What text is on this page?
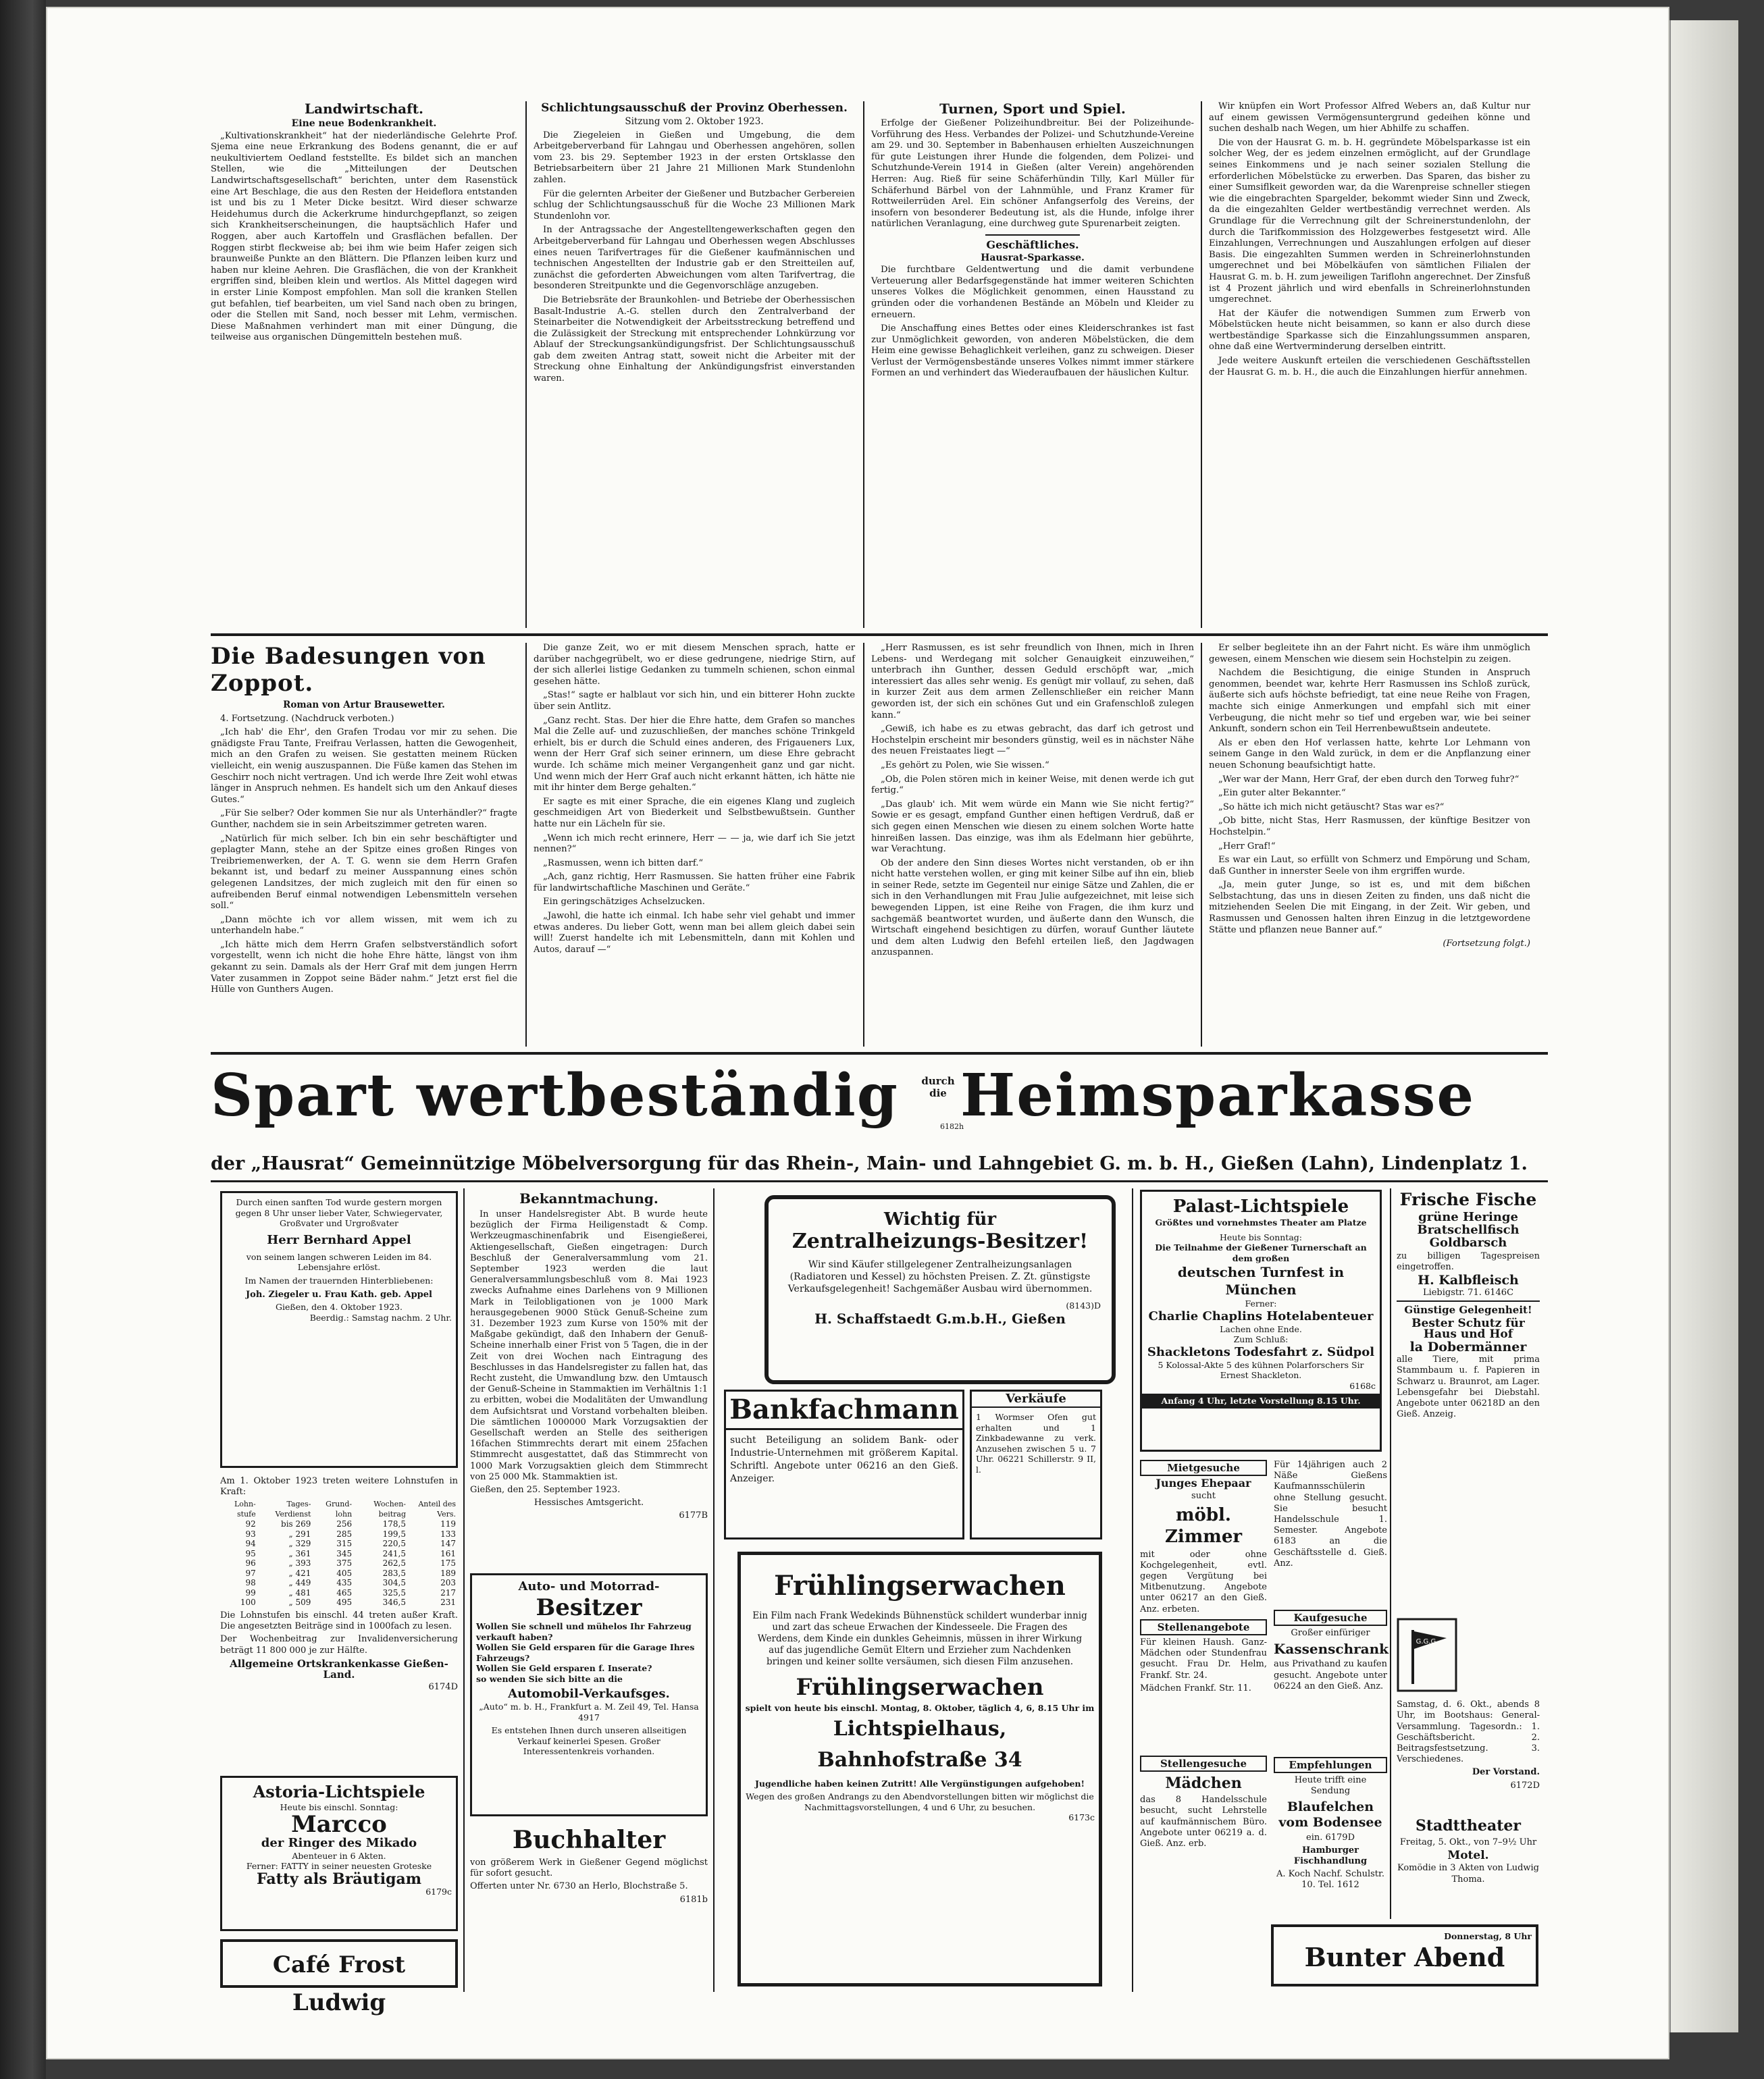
Landwirtschaft.

Eine neue Bodenkrankheit.

„Kultivationskrankheit“ hat der niederländische Gelehrte Prof. Sjema eine neue Erkrankung des Bodens genannt, die er auf neukultiviertem Oedland feststellte. Es bildet sich an manchen Stellen, wie die „Mitteilungen der Deutschen Landwirtschaftsgesellschaft“ berichten, unter dem Rasenstück eine Art Beschlage, die aus den Resten der Heideflora entstanden ist und bis zu 1 Meter Dicke besitzt. Wird dieser schwarze Heidehumus durch die Ackerkrume hindurchgepflanzt, so zeigen sich Krankheitserscheinungen, die hauptsächlich Hafer und Roggen, aber auch Kartoffeln und Grasflächen befallen. Der Roggen stirbt fleckweise ab; bei ihm wie beim Hafer zeigen sich braunweiße Punkte an den Blättern. Die Pflanzen leiben kurz und haben nur kleine Aehren. Die Grasflächen, die von der Krankheit ergriffen sind, bleiben klein und wertlos. Als Mittel dagegen wird in erster Linie Kompost empfohlen. Man soll die kranken Stellen gut befahlen, tief bearbeiten, um viel Sand nach oben zu bringen, oder die Stellen mit Sand, noch besser mit Lehm, vermischen. Diese Maßnahmen verhindert man mit einer Düngung, die teilweise aus organischen Düngemitteln bestehen muß.

Schlichtungsausschuß der Provinz Oberhessen.

Sitzung vom 2. Oktober 1923.

Die Ziegeleien in Gießen und Umgebung, die dem Arbeitgeberverband für Lahngau und Oberhessen angehören, sollen vom 23. bis 29. September 1923 in der ersten Ortsklasse den Betriebsarbeitern über 21 Jahre 21 Millionen Mark Stundenlohn zahlen.

Für die gelernten Arbeiter der Gießener und Butzbacher Gerbereien schlug der Schlichtungsausschuß für die Woche 23 Millionen Mark Stundenlohn vor.

In der Antragssache der Angestelltengewerkschaften gegen den Arbeitgeberverband für Lahngau und Oberhessen wegen Abschlusses eines neuen Tarifvertrages für die Gießener kaufmännischen und technischen Angestellten der Industrie gab er den Streitteilen auf, zunächst die geforderten Abweichungen vom alten Tarifvertrag, die besonderen Streitpunkte und die Gegenvorschläge anzugeben.

Die Betriebsräte der Braunkohlen- und Betriebe der Oberhessischen Basalt-Industrie A.-G. stellen durch den Zentralverband der Steinarbeiter die Notwendigkeit der Arbeitsstreckung betreffend und die Zulässigkeit der Streckung mit entsprechender Lohnkürzung vor Ablauf der Streckungsankündigungsfrist. Der Schlichtungsausschuß gab dem zweiten Antrag statt, soweit nicht die Arbeiter mit der Streckung ohne Einhaltung der Ankündigungsfrist einverstanden waren.

Turnen, Sport und Spiel.

Erfolge der Gießener Polizeihundbreitur. Bei der Polizeihunde-Vorführung des Hess. Verbandes der Polizei- und Schutzhunde-Vereine am 29. und 30. September in Babenhausen erhielten Auszeichnungen für gute Leistungen ihrer Hunde die folgenden, dem Polizei- und Schutzhunde-Verein 1914 in Gießen (alter Verein) angehörenden Herren: Aug. Rieß für seine Schäferhündin Tilly, Karl Müller für Schäferhund Bärbel von der Lahnmühle, und Franz Kramer für Rottweilerrüden Arel. Ein schöner Anfangserfolg des Vereins, der insofern von besonderer Bedeutung ist, als die Hunde, infolge ihrer natürlichen Veranlagung, eine durchweg gute Spurenarbeit zeigten.

Geschäftliches.

Hausrat-Sparkasse.

Die furchtbare Geldentwertung und die damit verbundene Verteuerung aller Bedarfsgegenstände hat immer weiteren Schichten unseres Volkes die Möglichkeit genommen, einen Hausstand zu gründen oder die vorhandenen Bestände an Möbeln und Kleider zu erneuern.

Die Anschaffung eines Bettes oder eines Kleiderschrankes ist fast zur Unmöglichkeit geworden, von anderen Möbelstücken, die dem Heim eine gewisse Behaglichkeit verleihen, ganz zu schweigen. Dieser Verlust der Vermögensbestände unseres Volkes nimmt immer stärkere Formen an und verhindert das Wiederaufbauen der häuslichen Kultur.

Wir knüpfen ein Wort Professor Alfred Webers an, daß Kultur nur auf einem gewissen Vermögensuntergrund gedeihen könne und suchen deshalb nach Wegen, um hier Abhilfe zu schaffen.

Die von der Hausrat G. m. b. H. gegründete Möbelsparkasse ist ein solcher Weg, der es jedem einzelnen ermöglicht, auf der Grundlage seines Einkommens und je nach seiner sozialen Stellung die erforderlichen Möbelstücke zu erwerben. Das Sparen, das bisher zu einer Sumsiflkeit geworden war, da die Warenpreise schneller stiegen wie die eingebrachten Spargelder, bekommt wieder Sinn und Zweck, da die eingezahlten Gelder wertbeständig verrechnet werden. Als Grundlage für die Verrechnung gilt der Schreinerstundenlohn, der durch die Tarifkommission des Holzgewerbes festgesetzt wird. Alle Einzahlungen, Verrechnungen und Auszahlungen erfolgen auf dieser Basis. Die eingezahlten Summen werden in Schreinerlohnstunden umgerechnet und bei Möbelkäufen von sämtlichen Filialen der Hausrat G. m. b. H. zum jeweiligen Tariflohn angerechnet. Der Zinsfuß ist 4 Prozent jährlich und wird ebenfalls in Schreinerlohnstunden umgerechnet.

Hat der Käufer die notwendigen Summen zum Erwerb von Möbelstücken heute nicht beisammen, so kann er also durch diese wertbeständige Sparkasse sich die Einzahlungssummen ansparen, ohne daß eine Wertverminderung derselben eintritt.

Jede weitere Auskunft erteilen die verschiedenen Geschäftsstellen der Hausrat G. m. b. H., die auch die Einzahlungen hierfür annehmen.

Die Badesungen von Zoppot.

Roman von Artur Brausewetter.

4. Fortsetzung. (Nachdruck verboten.)

„Ich hab' die Ehr', den Grafen Trodau vor mir zu sehen. Die gnädigste Frau Tante, Freifrau Verlassen, hatten die Gewogenheit, mich an den Grafen zu weisen. Sie gestatten meinem Rücken vielleicht, ein wenig auszuspannen. Die Füße kamen das Stehen im Geschirr noch nicht vertragen. Und ich werde Ihre Zeit wohl etwas länger in Anspruch nehmen. Es handelt sich um den Ankauf dieses Gutes.“

„Für Sie selber? Oder kommen Sie nur als Unterhändler?“ fragte Gunther, nachdem sie in sein Arbeitszimmer getreten waren.

„Natürlich für mich selber. Ich bin ein sehr beschäftigter und geplagter Mann, stehe an der Spitze eines großen Ringes von Treibriemenwerken, der A. T. G. wenn sie dem Herrn Grafen bekannt ist, und bedarf zu meiner Ausspannung eines schön gelegenen Landsitzes, der mich zugleich mit den für einen so aufreibenden Beruf einmal notwendigen Lebensmitteln versehen soll.“

„Dann möchte ich vor allem wissen, mit wem ich zu unterhandeln habe.“

„Ich hätte mich dem Herrn Grafen selbstverständlich sofort vorgestellt, wenn ich nicht die hohe Ehre hätte, längst von ihm gekannt zu sein. Damals als der Herr Graf mit dem jungen Herrn Vater zusammen in Zoppot seine Bäder nahm.“ Jetzt erst fiel die Hülle von Gunthers Augen.

Die ganze Zeit, wo er mit diesem Menschen sprach, hatte er darüber nachgegrübelt, wo er diese gedrungene, niedrige Stirn, auf der sich allerlei listige Gedanken zu tummeln schienen, schon einmal gesehen hätte.

„Stas!“ sagte er halblaut vor sich hin, und ein bitterer Hohn zuckte über sein Antlitz.

„Ganz recht. Stas. Der hier die Ehre hatte, dem Grafen so manches Mal die Zelle auf- und zuzuschließen, der manches schöne Trinkgeld erhielt, bis er durch die Schuld eines anderen, des Frigaueners Lux, wenn der Herr Graf sich seiner erinnern, um diese Ehre gebracht wurde. Ich schäme mich meiner Vergangenheit ganz und gar nicht. Und wenn mich der Herr Graf auch nicht erkannt hätten, ich hätte nie mit ihr hinter dem Berge gehalten.“

Er sagte es mit einer Sprache, die ein eigenes Klang und zugleich geschmeidigen Art von Biederkeit und Selbstbewußtsein. Gunther hatte nur ein Lächeln für sie.

„Wenn ich mich recht erinnere, Herr — — ja, wie darf ich Sie jetzt nennen?“

„Rasmussen, wenn ich bitten darf.“

„Ach, ganz richtig, Herr Rasmussen. Sie hatten früher eine Fabrik für landwirtschaftliche Maschinen und Geräte.“

Ein geringschätziges Achselzucken.

„Jawohl, die hatte ich einmal. Ich habe sehr viel gehabt und immer etwas anderes. Du lieber Gott, wenn man bei allem gleich dabei sein will! Zuerst handelte ich mit Lebensmitteln, dann mit Kohlen und Autos, darauf —“

„Herr Rasmussen, es ist sehr freundlich von Ihnen, mich in Ihren Lebens- und Werdegang mit solcher Genauigkeit einzuweihen,“ unterbrach ihn Gunther, dessen Geduld erschöpft war, „mich interessiert das alles sehr wenig. Es genügt mir vollauf, zu sehen, daß in kurzer Zeit aus dem armen Zellenschließer ein reicher Mann geworden ist, der sich ein schönes Gut und ein Grafenschloß zulegen kann.“

„Gewiß, ich habe es zu etwas gebracht, das darf ich getrost und Hochstelpin erscheint mir besonders günstig, weil es in nächster Nähe des neuen Freistaates liegt —“

„Es gehört zu Polen, wie Sie wissen.“

„Ob, die Polen stören mich in keiner Weise, mit denen werde ich gut fertig.“

„Das glaub' ich. Mit wem würde ein Mann wie Sie nicht fertig?“ Sowie er es gesagt, empfand Gunther einen heftigen Verdruß, daß er sich gegen einen Menschen wie diesen zu einem solchen Worte hatte hinreißen lassen. Das einzige, was ihm als Edelmann hier gebührte, war Verachtung.

Ob der andere den Sinn dieses Wortes nicht verstanden, ob er ihn nicht hatte verstehen wollen, er ging mit keiner Silbe auf ihn ein, blieb in seiner Rede, setzte im Gegenteil nur einige Sätze und Zahlen, die er sich in den Verhandlungen mit Frau Julie aufgezeichnet, mit leise sich bewegenden Lippen, ist eine Reihe von Fragen, die ihm kurz und sachgemäß beantwortet wurden, und äußerte dann den Wunsch, die Wirtschaft eingehend besichtigen zu dürfen, worauf Gunther läutete und dem alten Ludwig den Befehl erteilen ließ, den Jagdwagen anzuspannen.

Er selber begleitete ihn an der Fahrt nicht. Es wäre ihm unmöglich gewesen, einem Menschen wie diesem sein Hochstelpin zu zeigen.

Nachdem die Besichtigung, die einige Stunden in Anspruch genommen, beendet war, kehrte Herr Rasmussen ins Schloß zurück, äußerte sich aufs höchste befriedigt, tat eine neue Reihe von Fragen, machte sich einige Anmerkungen und empfahl sich mit einer Verbeugung, die nicht mehr so tief und ergeben war, wie bei seiner Ankunft, sondern schon ein Teil Herrenbewußtsein andeutete.

Als er eben den Hof verlassen hatte, kehrte Lor Lehmann von seinem Gange in den Wald zurück, in dem er die Anpflanzung einer neuen Schonung beaufsichtigt hatte.

„Wer war der Mann, Herr Graf, der eben durch den Torweg fuhr?“

„Ein guter alter Bekannter.“

„So hätte ich mich nicht getäuscht? Stas war es?“

„Ob bitte, nicht Stas, Herr Rasmussen, der künftige Besitzer von Hochstelpin.“

„Herr Graf!“

Es war ein Laut, so erfüllt von Schmerz und Empörung und Scham, daß Gunther in innerster Seele von ihm ergriffen wurde.

„Ja, mein guter Junge, so ist es, und mit dem bißchen Selbstachtung, das uns in diesen Zeiten zu finden, uns daß nicht die mitziehenden Seelen Die mit Eingang, in der Zeit. Wir geben, und Rasmussen und Genossen halten ihren Einzug in die letztgewordene Stätte und pflanzen neue Banner auf.“

(Fortsetzung folgt.)

Spart wertbeständig durch die Heimsparkasse
6182h
der „Hausrat“ Gemeinnützige Möbelversorgung für das Rhein-, Main- und Lahngebiet G. m. b. H., Gießen (Lahn), Lindenplatz 1.
Durch einen sanften Tod wurde gestern morgen gegen 8 Uhr unser lieber Vater, Schwiegervater, Großvater und Urgroßvater
Herr Bernhard Appel
von seinem langen schweren Leiden im 84. Lebensjahre erlöst.
Im Namen der trauernden Hinterbliebenen:
Joh. Ziegeler u. Frau Kath. geb. Appel
Gießen, den 4. Oktober 1923.
Beerdig.: Samstag nachm. 2 Uhr.

Am 1. Oktober 1923 treten weitere Lohnstufen in Kraft:

Lohn-stufe	Tages-Verdienst	Grund-lohn	Wochen-beitrag	Anteil des Vers.
92	bis 269	256	178,5	119
93	„ 291	285	199,5	133
94	„ 329	315	220,5	147
95	„ 361	345	241,5	161
96	„ 393	375	262,5	175
97	„ 421	405	283,5	189
98	„ 449	435	304,5	203
99	„ 481	465	325,5	217
100	„ 509	495	346,5	231

Die Lohnstufen bis einschl. 44 treten außer Kraft. Die angesetzten Beiträge sind in 1000fach zu lesen.

Der Wochenbeitrag zur Invalidenversicherung beträgt 11 800 000 je zur Hälfte.

Allgemeine Ortskrankenkasse Gießen-Land.

6174D

Astoria-Lichtspiele
Heute bis einschl. Sonntag:
Marcco
der Ringer des Mikado
Abenteuer in 6 Akten.
Ferner: FATTY in seiner neuesten Groteske
Fatty als Bräutigam
6179c
Café Frost Ludwig

Bekanntmachung.

In unser Handelsregister Abt. B wurde heute bezüglich der Firma Heiligenstadt & Comp. Werkzeugmaschinenfabrik und Eisengießerei, Aktiengesellschaft, Gießen eingetragen: Durch Beschluß der Generalversammlung vom 21. September 1923 werden die laut Generalversammlungsbeschluß vom 8. Mai 1923 zwecks Aufnahme eines Darlehens von 9 Millionen Mark in Teilobligationen von je 1000 Mark herausgegebenen 9000 Stück Genuß-Scheine zum 31. Dezember 1923 zum Kurse von 150% mit der Maßgabe gekündigt, daß den Inhabern der Genuß-Scheine innerhalb einer Frist von 5 Tagen, die in der Zeit von drei Wochen nach Eintragung des Beschlusses in das Handelsregister zu fallen hat, das Recht zusteht, die Umwandlung bzw. den Umtausch der Genuß-Scheine in Stammaktien im Verhältnis 1:1 zu erbitten, wobei die Modalitäten der Umwandlung dem Aufsichtsrat und Vorstand vorbehalten bleiben. Die sämtlichen 1000000 Mark Vorzugsaktien der Gesellschaft werden an Stelle des seitherigen 16fachen Stimmrechts derart mit einem 25fachen Stimmrecht ausgestattet, daß das Stimmrecht von 1000 Mark Vorzugsaktien gleich dem Stimmrecht von 25 000 Mk. Stammaktien ist.

Gießen, den 25. September 1923.

Hessisches Amtsgericht.

6177B

Auto- und Motorrad-
Besitzer
Wollen Sie schnell und mühelos Ihr Fahrzeug verkauft haben?
Wollen Sie Geld ersparen für die Garage Ihres Fahrzeugs?
Wollen Sie Geld ersparen f. Inserate?
so wenden Sie sich bitte an die
Automobil-Verkaufsges.
„Auto“ m. b. H., Frankfurt a. M. Zeil 49, Tel. Hansa 4917
Es entstehen Ihnen durch unseren allseitigen Verkauf keinerlei Spesen. Großer Interessentenkreis vorhanden.

Buchhalter

von größerem Werk in Gießener Gegend möglichst für sofort gesucht.

Offerten unter Nr. 6730 an Herlo, Blochstraße 5.

6181b

Wichtig für
Zentralheizungs-Besitzer!
Wir sind Käufer stillgelegener Zentralheizungsanlagen (Radiatoren und Kessel) zu höchsten Preisen. Z. Zt. günstigste Verkaufsgelegenheit! Sachgemäßer Ausbau wird übernommen.
(8143)D
H. Schaffstaedt G.m.b.H., Gießen
Bankfachmann
sucht Beteiligung an solidem Bank- oder Industrie-Unternehmen mit größerem Kapital. Schriftl. Angebote unter 06216 an den Gieß. Anzeiger.
Verkäufe
1 Wormser Ofen gut erhalten und 1 Zinkbadewanne zu verk. Anzusehen zwischen 5 u. 7 Uhr. 06221 Schillerstr. 9 II, l.
Frühlingserwachen
Ein Film nach Frank Wedekinds Bühnenstück schildert wunderbar innig und zart das scheue Erwachen der Kindesseele. Die Fragen des Werdens, dem Kinde ein dunkles Geheimnis, müssen in ihrer Wirkung auf das jugendliche Gemüt Eltern und Erzieher zum Nachdenken bringen und keiner sollte versäumen, sich diesen Film anzusehen.
Frühlingserwachen
spielt von heute bis einschl. Montag, 8. Oktober, täglich 4, 6, 8.15 Uhr im
Lichtspielhaus, Bahnhofstraße 34
Jugendliche haben keinen Zutritt! Alle Vergünstigungen aufgehoben!
Wegen des großen Andrangs zu den Abendvorstellungen bitten wir möglichst die Nachmittagsvorstellungen, 4 und 6 Uhr, zu besuchen.
6173c
Palast-Lichtspiele
Größtes und vornehmstes Theater am Platze
Heute bis Sonntag:
Die Teilnahme der Gießener Turnerschaft an dem großen
deutschen Turnfest in München
Ferner:
Charlie Chaplins Hotelabenteuer
Lachen ohne Ende.
Zum Schluß:
Shackletons Todesfahrt z. Südpol
5 Kolossal-Akte 5 des kühnen Polarforschers Sir Ernest Shackleton.
6168c
Anfang 4 Uhr, letzte Vorstellung 8.15 Uhr.

Mietgesuche

Junges Ehepaar

sucht

möbl. Zimmer

mit oder ohne Kochgelegenheit, evtl. gegen Vergütung bei Mitbenutzung. Angebote unter 06217 an den Gieß. Anz. erbeten.

Stellenangebote

Für kleinen Haush. Ganz-Mädchen oder Stundenfrau gesucht. Frau Dr. Helm, Frankf. Str. 24.

Mädchen Frankf. Str. 11.

Stellengesuche

Mädchen

das 8 Handelsschule besucht, sucht Lehrstelle auf kaufmännischem Büro. Angebote unter 06219 a. d. Gieß. Anz. erb.

Für 14jährigen auch 2 Näße Gießens Kaufmannsschülerin ohne Stellung gesucht. Sie besucht Handelsschule 1. Semester. Angebote 6183 an die Geschäftsstelle d. Gieß. Anz.

Kaufgesuche

Großer einfüriger

Kassenschrank

aus Privathand zu kaufen gesucht. Angebote unter 06224 an den Gieß. Anz.

Empfehlungen

Heute trifft eine Sendung

Blaufelchen vom Bodensee

ein. 6179D

Hamburger Fischhandlung

A. Koch Nachf. Schulstr. 10. Tel. 1612

Donnerstag, 8 Uhr
Bunter Abend

Frische Fische

grüne Heringe

Bratschellfisch

Goldbarsch

zu billigen Tagespreisen eingetroffen.

H. Kalbfleisch

Liebigstr. 71. 6146C

Günstige Gelegenheit!

Bester Schutz für Haus und Hof

la Dobermänner

alle Tiere, mit prima Stammbaum u. f. Papieren in Schwarz u. Braunrot, am Lager. Lebensgefahr bei Diebstahl. Angebote unter 06218D an den Gieß. Anzeig.

G.G.G.

Samstag, d. 6. Okt., abends 8 Uhr, im Bootshaus: General-Versammlung. Tagesordn.: 1. Geschäftsbericht. 2. Beitragsfestsetzung. 3. Verschiedenes.

Der Vorstand.

6172D

Stadttheater

Freitag, 5. Okt., von 7–9½ Uhr

Motel.

Komödie in 3 Akten von Ludwig Thoma.
